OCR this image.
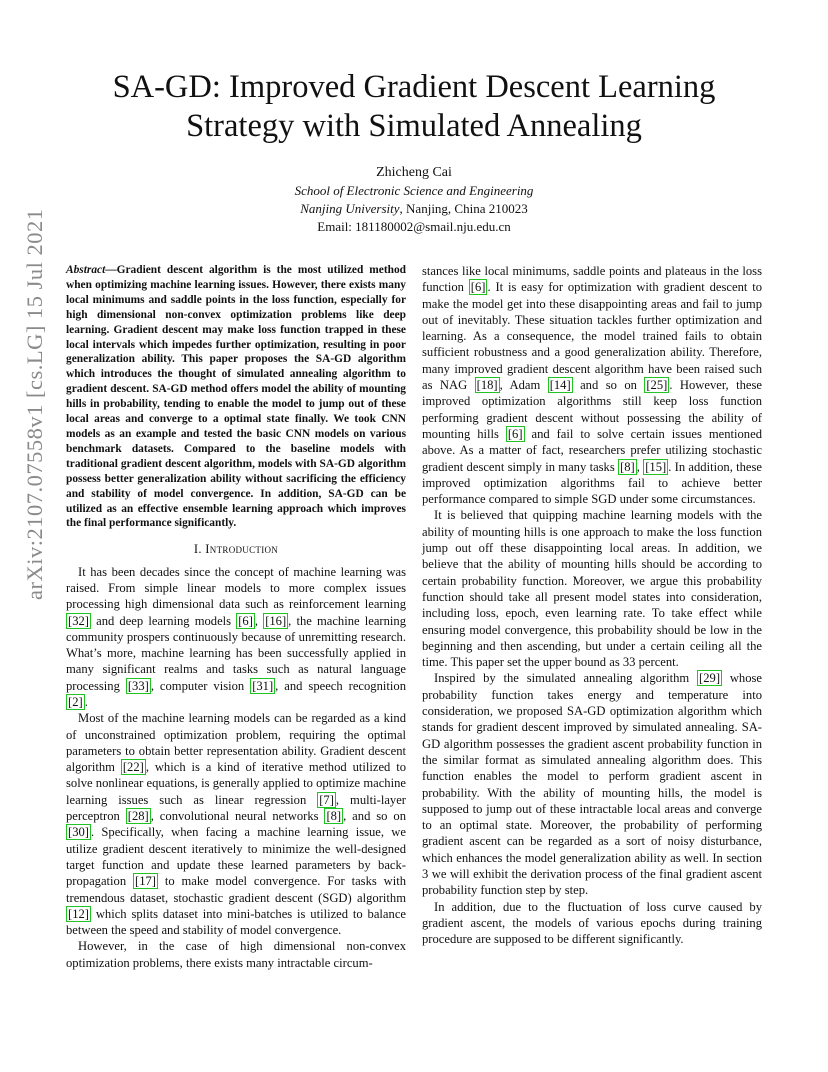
arXiv:2107.07558v1 [cs.LG] 15 Jul 2021
SA-GD: Improved Gradient Descent Learning
Strategy with Simulated Annealing
Zhicheng Cai
School of Electronic Science and Engineering
Nanjing University, Nanjing, China 210023
Email: 181180002@smail.nju.edu.cn

Abstract—Gradient descent algorithm is the most utilized method when optimizing machine learning issues. However, there exists many local minimums and saddle points in the loss function, especially for high dimensional non-convex optimization problems like deep learning. Gradient descent may make loss function trapped in these local intervals which impedes further optimization, resulting in poor generalization ability. This paper proposes the SA-GD algorithm which introduces the thought of simulated annealing algorithm to gradient descent. SA-GD method offers model the ability of mounting hills in probability, tending to enable the model to jump out of these local areas and converge to a optimal state finally. We took CNN models as an example and tested the basic CNN models on various benchmark datasets. Compared to the baseline models with traditional gradient descent algorithm, models with SA-GD algorithm possess better generalization ability without sacrificing the efficiency and stability of model convergence. In addition, SA-GD can be utilized as an effective ensemble learning approach which improves the final performance significantly.

I. Introduction

It has been decades since the concept of machine learning was raised. From simple linear models to more complex issues processing high dimensional data such as reinforcement learning [32] and deep learning models [6] , [16] , the machine learning community prospers continuously because of unremitting research. What’s more, machine learning has been successfully applied in many significant realms and tasks such as natural language processing [33] , computer vision [31] , and speech recognition [2] .

Most of the machine learning models can be regarded as a kind of unconstrained optimization problem, requiring the optimal parameters to obtain better representation ability. Gradient descent algorithm [22] , which is a kind of iterative method utilized to solve nonlinear equations, is generally applied to optimize machine learning issues such as linear regression [7] , multi-layer perceptron [28] , convolutional neural networks [8] , and so on [30] . Specifically, when facing a machine learning issue, we utilize gradient descent iteratively to minimize the well-designed target function and update these learned parameters by back-propagation [17] to make model convergence. For tasks with tremendous dataset, stochastic gradient descent (SGD) algorithm [12] which splits dataset into mini-batches is utilized to balance between the speed and stability of model convergence.

However, in the case of high dimensional non-convex optimization problems, there exists many intractable circum-

stances like local minimums, saddle points and plateaus in the loss function [6] . It is easy for optimization with gradient descent to make the model get into these disappointing areas and fail to jump out of inevitably. These situation tackles further optimization and learning. As a consequence, the model trained fails to obtain sufficient robustness and a good generalization ability. Therefore, many improved gradient descent algorithm have been raised such as NAG [18] , Adam [14] and so on [25] . However, these improved optimization algorithms still keep loss function performing gradient descent without possessing the ability of mounting hills [6] and fail to solve certain issues mentioned above. As a matter of fact, researchers prefer utilizing stochastic gradient descent simply in many tasks [8] , [15] . In addition, these improved optimization algorithms fail to achieve better performance compared to simple SGD under some circumstances.

It is believed that quipping machine learning models with the ability of mounting hills is one approach to make the loss function jump out off these disappointing local areas. In addition, we believe that the ability of mounting hills should be according to certain probability function. Moreover, we argue this probability function should take all present model states into consideration, including loss, epoch, even learning rate. To take effect while ensuring model convergence, this probability should be low in the beginning and then ascending, but under a certain ceiling all the time. This paper set the upper bound as 33 percent.

Inspired by the simulated annealing algorithm [29] whose probability function takes energy and temperature into consideration, we proposed SA-GD optimization algorithm which stands for gradient descent improved by simulated annealing. SA-GD algorithm possesses the gradient ascent probability function in the similar format as simulated annealing algorithm does. This function enables the model to perform gradient ascent in probability. With the ability of mounting hills, the model is supposed to jump out of these intractable local areas and converge to an optimal state. Moreover, the probability of performing gradient ascent can be regarded as a sort of noisy disturbance, which enhances the model generalization ability as well. In section 3 we will exhibit the derivation process of the final gradient ascent probability function step by step.

In addition, due to the fluctuation of loss curve caused by gradient ascent, the models of various epochs during training procedure are supposed to be different significantly.
